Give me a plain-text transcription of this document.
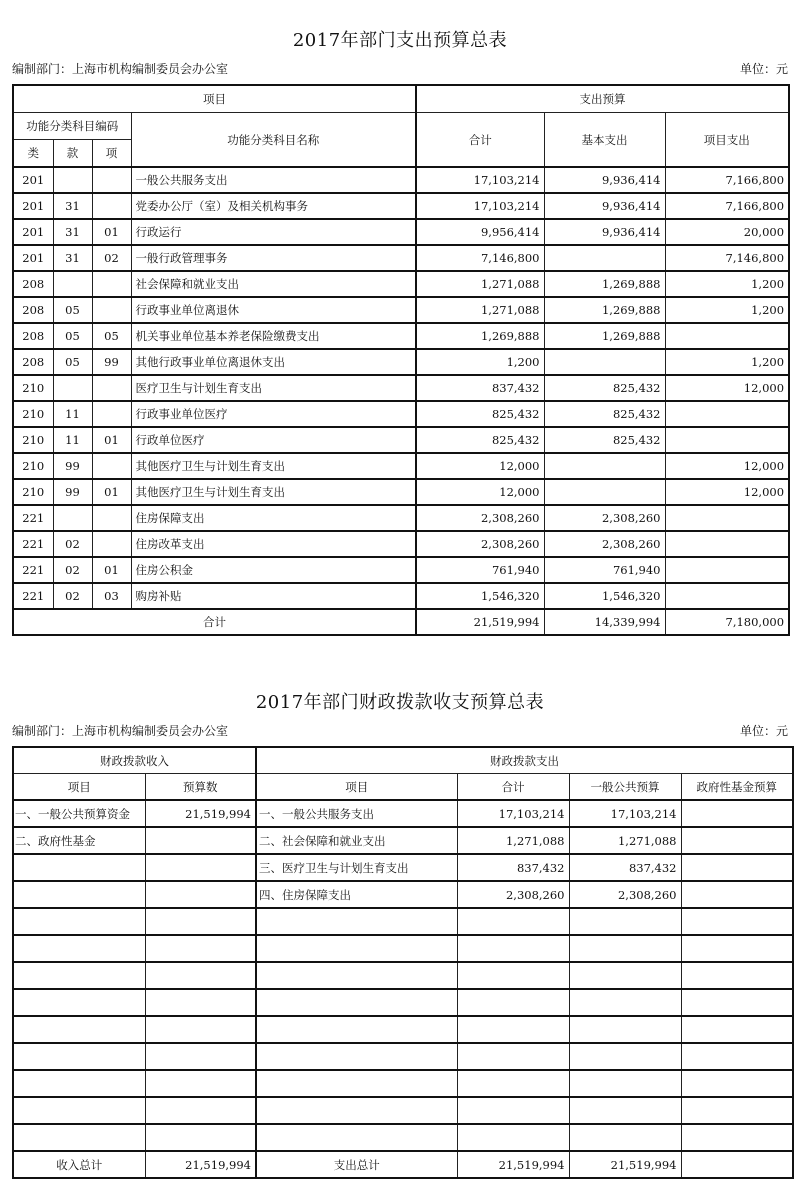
2017年部门支出预算总表
编制部门：上海市机构编制委员会办公室	单位：元
项目				支出预算		
功能分类科目编码			功能分类科目名称	合计	基本支出	项目支出
类	款	项				
201			一般公共服务支出	17,103,214	9,936,414	7,166,800
201	31		党委办公厅（室）及相关机构事务	17,103,214	9,936,414	7,166,800
201	31	01	行政运行	9,956,414	9,936,414	20,000
201	31	02	一般行政管理事务	7,146,800		7,146,800
208			社会保障和就业支出	1,271,088	1,269,888	1,200
208	05		行政事业单位离退休	1,271,088	1,269,888	1,200
208	05	05	机关事业单位基本养老保险缴费支出	1,269,888	1,269,888	
208	05	99	其他行政事业单位离退休支出	1,200		1,200
210			医疗卫生与计划生育支出	837,432	825,432	12,000
210	11		行政事业单位医疗	825,432	825,432	
210	11	01	行政单位医疗	825,432	825,432	
210	99		其他医疗卫生与计划生育支出	12,000		12,000
210	99	01	其他医疗卫生与计划生育支出	12,000		12,000
221			住房保障支出	2,308,260	2,308,260	
221	02		住房改革支出	2,308,260	2,308,260	
221	02	01	住房公积金	761,940	761,940	
221	02	03	购房补贴	1,546,320	1,546,320	
合计				21,519,994	14,339,994	7,180,000
2017年部门财政拨款收支预算总表
编制部门：上海市机构编制委员会办公室	单位：元
财政拨款收入		财政拨款支出			
项目	预算数	项目	合计	一般公共预算	政府性基金预算
一、一般公共预算资金	21,519,994	一、一般公共服务支出	17,103,214	17,103,214	
二、政府性基金		二、社会保障和就业支出	1,271,088	1,271,088	
		三、医疗卫生与计划生育支出	837,432	837,432	
		四、住房保障支出	2,308,260	2,308,260	

收入总计	21,519,994	支出总计	21,519,994	21,519,994	
